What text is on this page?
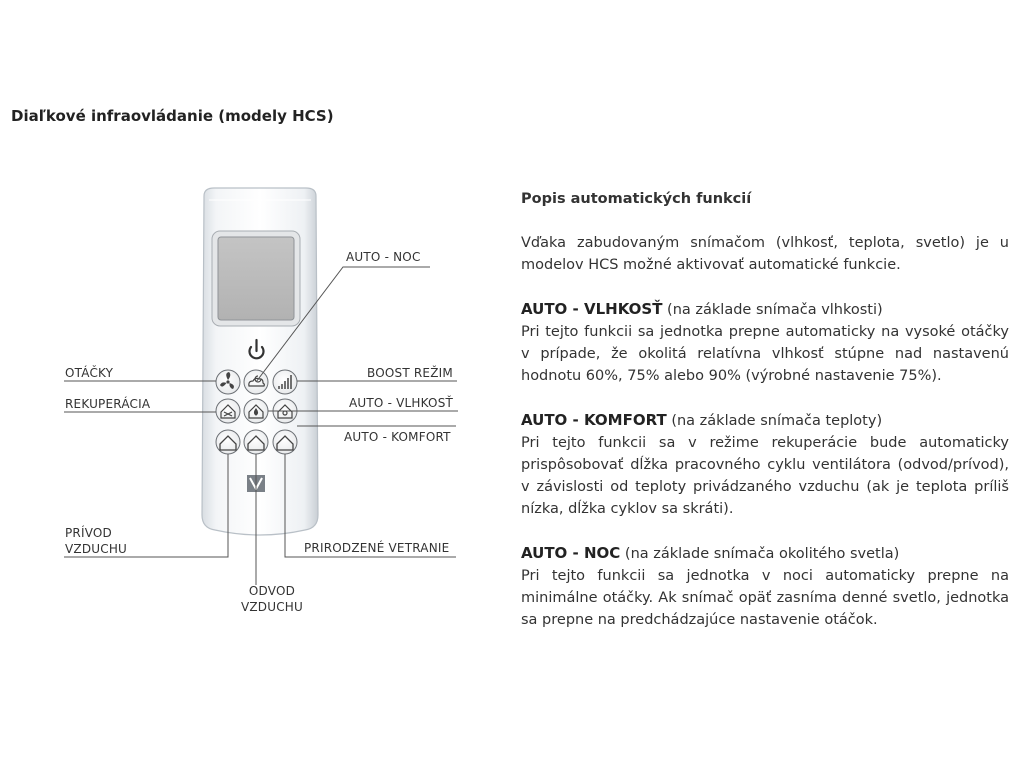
Diaľkové infraovládanie (modely HCS)
AUTO - NOC
OTÁČKY	BOOST REŽIM
REKUPERÁCIA	AUTO - VLHKOSŤ
AUTO - KOMFORT
PRÍVOD
VZDUCHU	PRIRODZENÉ VETRANIE
ODVOD
VZDUCHU
Popis automatických funkcií
Vďaka zabudovaným snímačom (vlhkosť, teplota, svetlo) je u modelov HCS možné aktivovať automatické funkcie.
AUTO - VLHKOSŤ (na základe snímača vlhkosti)
Pri tejto funkcii sa jednotka prepne automaticky na vysoké otáčky v prípade, že okolitá relatívna vlhkosť stúpne nad nastavenú hodnotu 60%, 75% alebo 90% (výrobné nastavenie 75%).
AUTO - KOMFORT (na základe snímača teploty)
Pri tejto funkcii sa v režime rekuperácie bude automaticky prispôsobovať dĺžka pracovného cyklu ventilátora (odvod/prívod), v závislosti od teploty privádzaného vzduchu (ak je teplota príliš nízka, dĺžka cyklov sa skráti).
AUTO - NOC (na základe snímača okolitého svetla)
Pri tejto funkcii sa jednotka v noci automaticky prepne na minimálne otáčky. Ak snímač opäť zasníma denné svetlo, jednotka sa prepne na predchádzajúce nastavenie otáčok.
